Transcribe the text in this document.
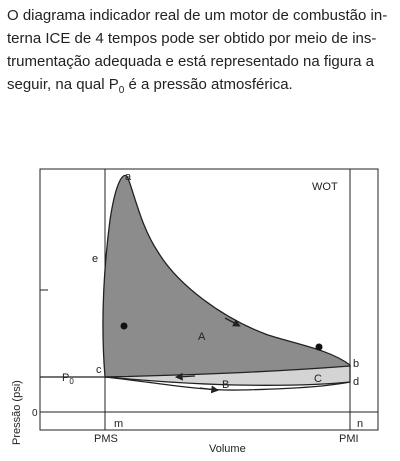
O diagrama indicador real de um motor de combustão in-
terna ICE de 4 tempos pode ser obtido por meio de ins-
trumentação adequada e está representado na figura a
seguir, na qual $P_0$ é a pressão atmosférica.

WOT
a
e
A
b
c
C	d
B
$P_0$
0
m	n
PMS	PMI
Volume
Pressão (psi)
